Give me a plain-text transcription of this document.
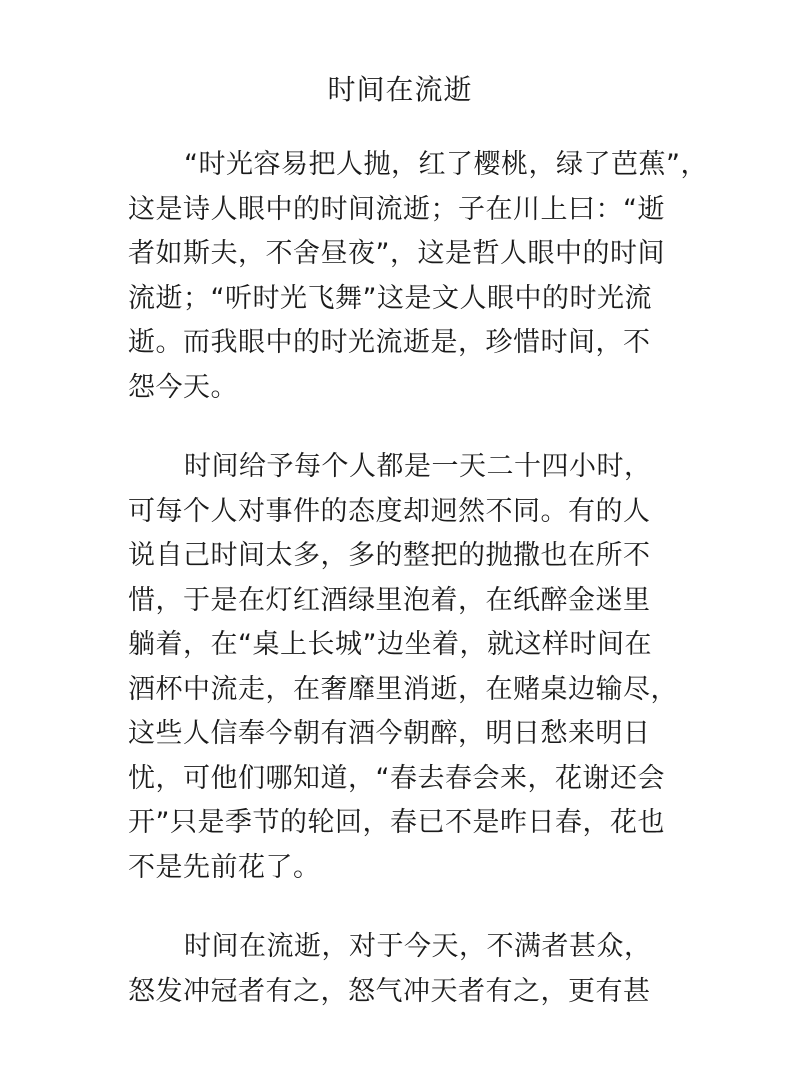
时间在流逝

“时光容易把人抛，红了樱桃，绿了芭蕉”，
这是诗人眼中的时间流逝；子在川上曰：“逝
者如斯夫，不舍昼夜”，这是哲人眼中的时间
流逝；“听时光飞舞”这是文人眼中的时光流
逝。而我眼中的时光流逝是，珍惜时间，不
怨今天。

时间给予每个人都是一天二十四小时，
可每个人对事件的态度却迥然不同。有的人
说自己时间太多，多的整把的抛撒也在所不
惜，于是在灯红酒绿里泡着，在纸醉金迷里
躺着，在“桌上长城”边坐着，就这样时间在
酒杯中流走，在奢靡里消逝，在赌桌边输尽，
这些人信奉今朝有酒今朝醉，明日愁来明日
忧，可他们哪知道，“春去春会来，花谢还会
开”只是季节的轮回，春已不是昨日春，花也
不是先前花了。

时间在流逝，对于今天，不满者甚众，
怒发冲冠者有之，怒气冲天者有之，更有甚
